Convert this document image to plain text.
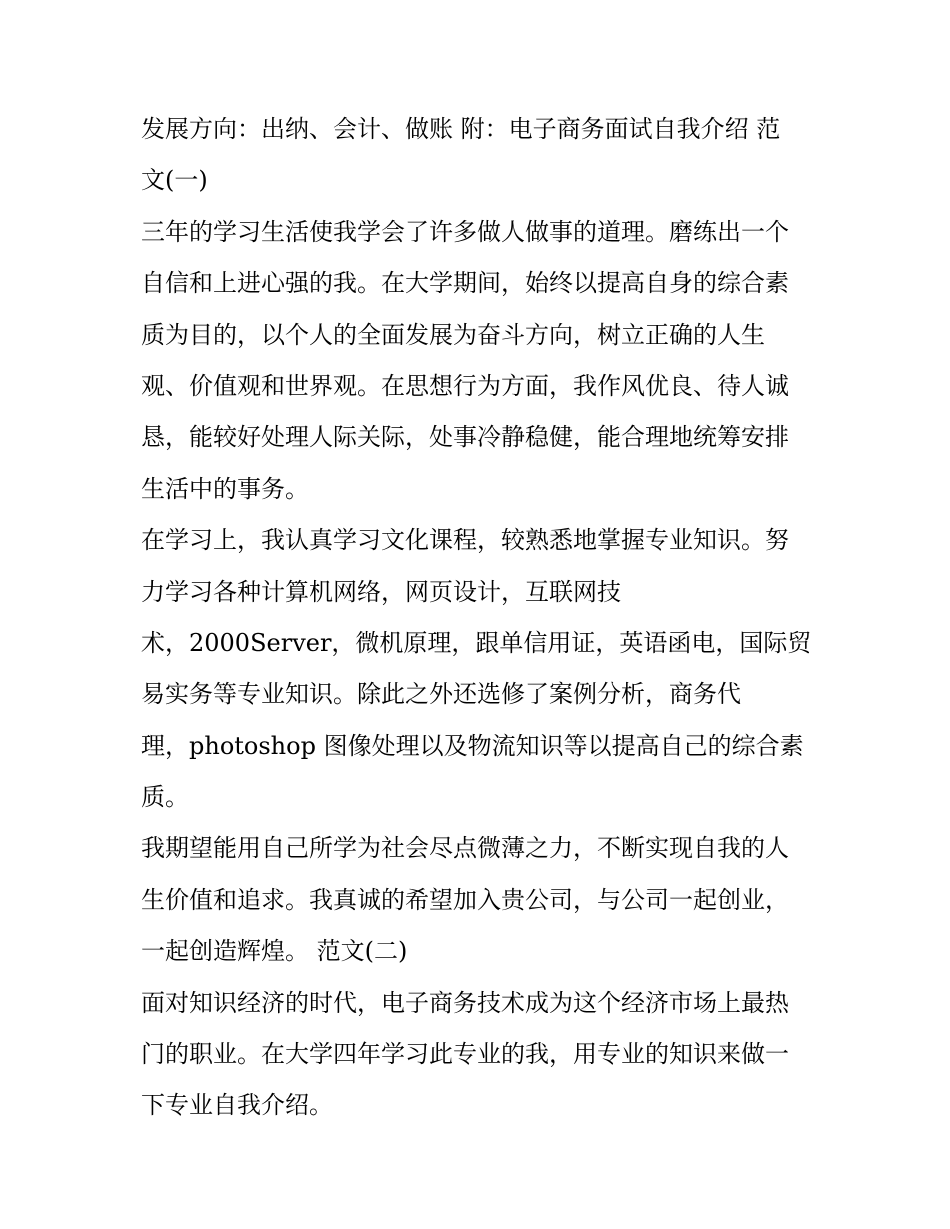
发展方向：出纳、会计、做账 附：电子商务面试自我介绍 范
文(一)
三年的学习生活使我学会了许多做人做事的道理。磨练出一个
自信和上进心强的我。在大学期间，始终以提高自身的综合素
质为目的，以个人的全面发展为奋斗方向，树立正确的人生
观、价值观和世界观。在思想行为方面，我作风优良、待人诚
恳，能较好处理人际关际，处事冷静稳健，能合理地统筹安排
生活中的事务。
在学习上，我认真学习文化课程，较熟悉地掌握专业知识。努
力学习各种计算机网络，网页设计，互联网技
术，2000Server，微机原理，跟单信用证，英语函电，国际贸
易实务等专业知识。除此之外还选修了案例分析，商务代
理，photoshop 图像处理以及物流知识等以提高自己的综合素
质。
我期望能用自己所学为社会尽点微薄之力，不断实现自我的人
生价值和追求。我真诚的希望加入贵公司，与公司一起创业，
一起创造辉煌。 范文(二)
面对知识经济的时代，电子商务技术成为这个经济市场上最热
门的职业。在大学四年学习此专业的我，用专业的知识来做一
下专业自我介绍。
